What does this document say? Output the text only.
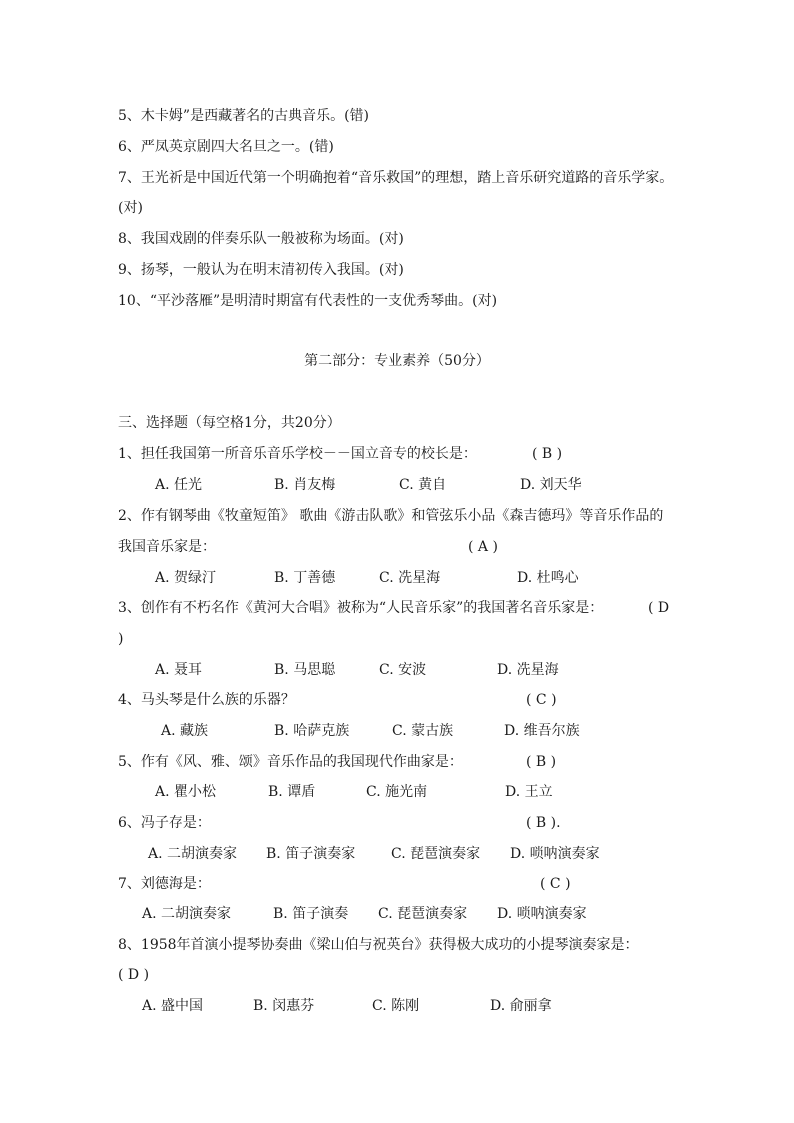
5、木卡姆”是西藏著名的古典音乐。(错)
6、严凤英京剧四大名旦之一。(错)
7、王光祈是中国近代第一个明确抱着“音乐救国”的理想，踏上音乐研究道路的音乐学家。
(对)
8、我国戏剧的伴奏乐队一般被称为场面。(对)
9、扬琴，一般认为在明末清初传入我国。(对)
10、“平沙落雁”是明清时期富有代表性的一支优秀琴曲。(对)
第二部分：专业素养（50分）
三、选择题（每空格1分，共20分）
1、担任我国第一所音乐音乐学校－－国立音专的校长是：	( B )
A. 任光	B. 肖友梅	C. 黄自	D. 刘天华
2、作有钢琴曲《牧童短笛》 歌曲《游击队歌》和管弦乐小品《森吉德玛》等音乐作品的
我国音乐家是：	( A )
A. 贺绿汀	B. 丁善德	C. 冼星海	D. 杜鸣心
3、创作有不朽名作《黄河大合唱》被称为“人民音乐家”的我国著名音乐家是：	( D
)
A. 聂耳	B. 马思聪	C. 安波	D. 冼星海
4、马头琴是什么族的乐器？	( C )
A. 藏族	B. 哈萨克族	C. 蒙古族	D. 维吾尔族
5、作有《风、雅、颂》音乐作品的我国现代作曲家是：	( B )
A. 瞿小松	B. 谭盾	C. 施光南	D. 王立
6、冯子存是：	( B ).
A. 二胡演奏家 B. 笛子演奏家	C. 琵琶演奏家 D. 唢呐演奏家
7、刘德海是：	( C )
A. 二胡演奏家	B. 笛子演奏 C. 琵琶演奏家 D. 唢呐演奏家
8、1958年首演小提琴协奏曲《梁山伯与祝英台》获得极大成功的小提琴演奏家是：
( D )
A. 盛中国	B. 闵惠芬	C. 陈刚	D. 俞丽拿
